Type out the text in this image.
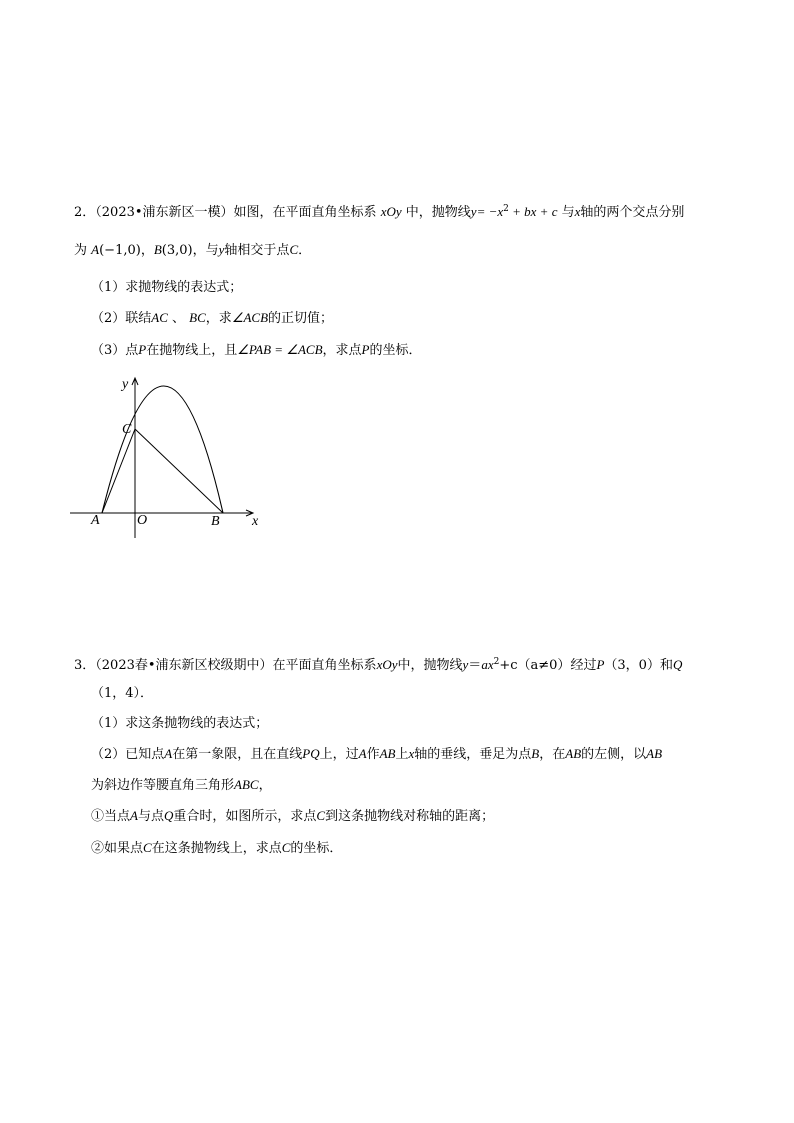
2．（2023•浦东新区一模）如图，在平面直角坐标系 xOy 中，抛物线$y= -x^2$ + bx + c 与x轴的两个交点分别
为 A(−1,0)，B(3,0)，与y轴相交于点C．
（1）求抛物线的表达式；
（2）联结AC 、 BC，求∠ACB的正切值；
（3）点P在抛物线上，且∠PAB = ∠ACB，求点P的坐标．
y
x
C
A	O	B
3．（2023春•浦东新区校级期中）在平面直角坐标系xOy中，抛物线$y=ax^2+c(a\ne 0)$经过P（3，0）和Q
（1，4）．
（1）求这条抛物线的表达式；
（2）已知点A在第一象限，且在直线PQ上，过A作AB上x轴的垂线，垂足为点B，在AB的左侧，以AB
为斜边作等腰直角三角形ABC，
①当点A与点Q重合时，如图所示，求点C到这条抛物线对称轴的距离；
②如果点C在这条抛物线上，求点C的坐标．
